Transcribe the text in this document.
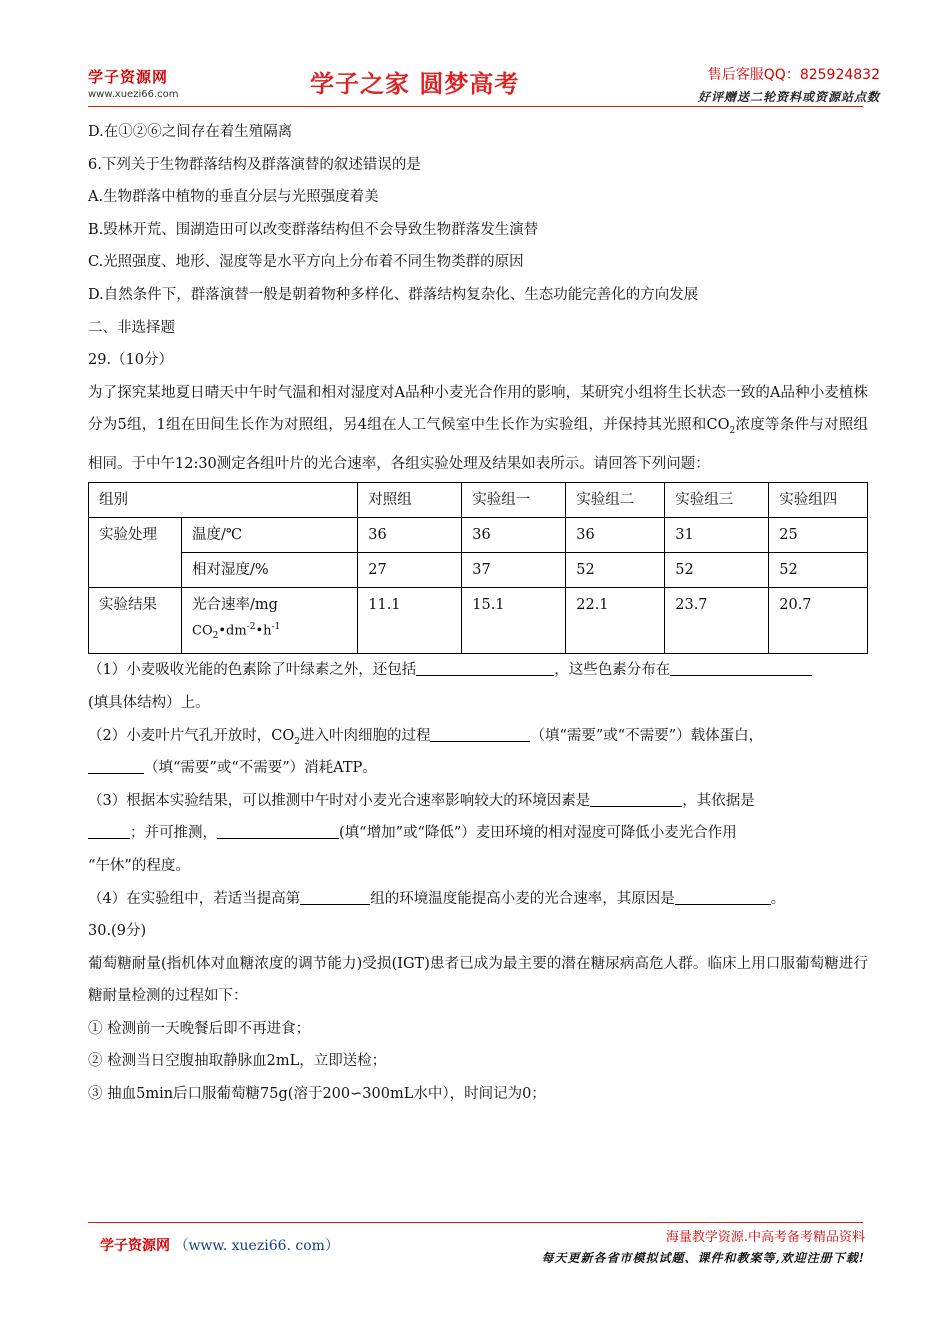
学子资源网
www.xuezi66.com	学子之家 圆梦高考	售后客服QQ：825924832
好评赠送二轮资料或资源站点数
D.在①②⑥之间存在着生殖隔离
6.下列关于生物群落结构及群落演替的叙述错误的是
A.生物群落中植物的垂直分层与光照强度着美
B.毁林开荒、围湖造田可以改变群落结构但不会导致生物群落发生演替
C.光照强度、地形、湿度等是水平方向上分布着不同生物类群的原因
D.自然条件下，群落演替一般是朝着物种多样化、群落结构复杂化、生态功能完善化的方向发展
二、非选择题
29.（10分）
为了探究某地夏日晴天中午时气温和相对湿度对A品种小麦光合作用的影响，某研究小组将生长状态一致的A品种小麦植株分为5组，1组在田间生长作为对照组，另4组在人工气候室中生长作为实验组，并保持其光照和$CO_2$浓度等条件与对照组相同。于中午12:30测定各组叶片的光合速率，各组实验处理及结果如表所示。请回答下列问题：
组别		对照组	实验组一	实验组二	实验组三	实验组四
实验处理	温度/℃	36	36	36	31	25
	相对湿度/%	27	37	52	52	52
实验结果	光合速率/mg
$CO_2•dm^{-2}•h^{-1}$	11.1	15.1	22.1	23.7	20.7
（1）小麦吸收光能的色素除了叶绿素之外，还包括	，这些色素分布在
(填具体结构）上。
（2）小麦叶片气孔开放时，$CO_2$进入叶肉细胞的过程	（填“需要”或“不需要”）载体蛋白，
（填“需要”或“不需要”）消耗ATP。
（3）根据本实验结果，可以推测中午时对小麦光合速率影响较大的环境因素是	，其依据是
；并可推测，	(填“增加”或“降低”）麦田环境的相对湿度可降低小麦光合作用
“午休”的程度。
（4）在实验组中，若适当提高第	组的环境温度能提高小麦的光合速率，其原因是	。
30.(9分)
葡萄糖耐量(指机体对血糖浓度的调节能力)受损(IGT)患者已成为最主要的潜在糖尿病高危人群。临床上用口服葡萄糖进行糖耐量检测的过程如下：
① 检测前一天晚餐后即不再进食；
② 检测当日空腹抽取静脉血2mL，立即送检；
③ 抽血5min后口服葡萄糖75g(溶于200∽300mL水中），时间记为0；
学子资源网 （www. xuezi66. com）
海量教学资源.中高考备考精品资料
每天更新各省市模拟试题、课件和教案等,欢迎注册下载!
